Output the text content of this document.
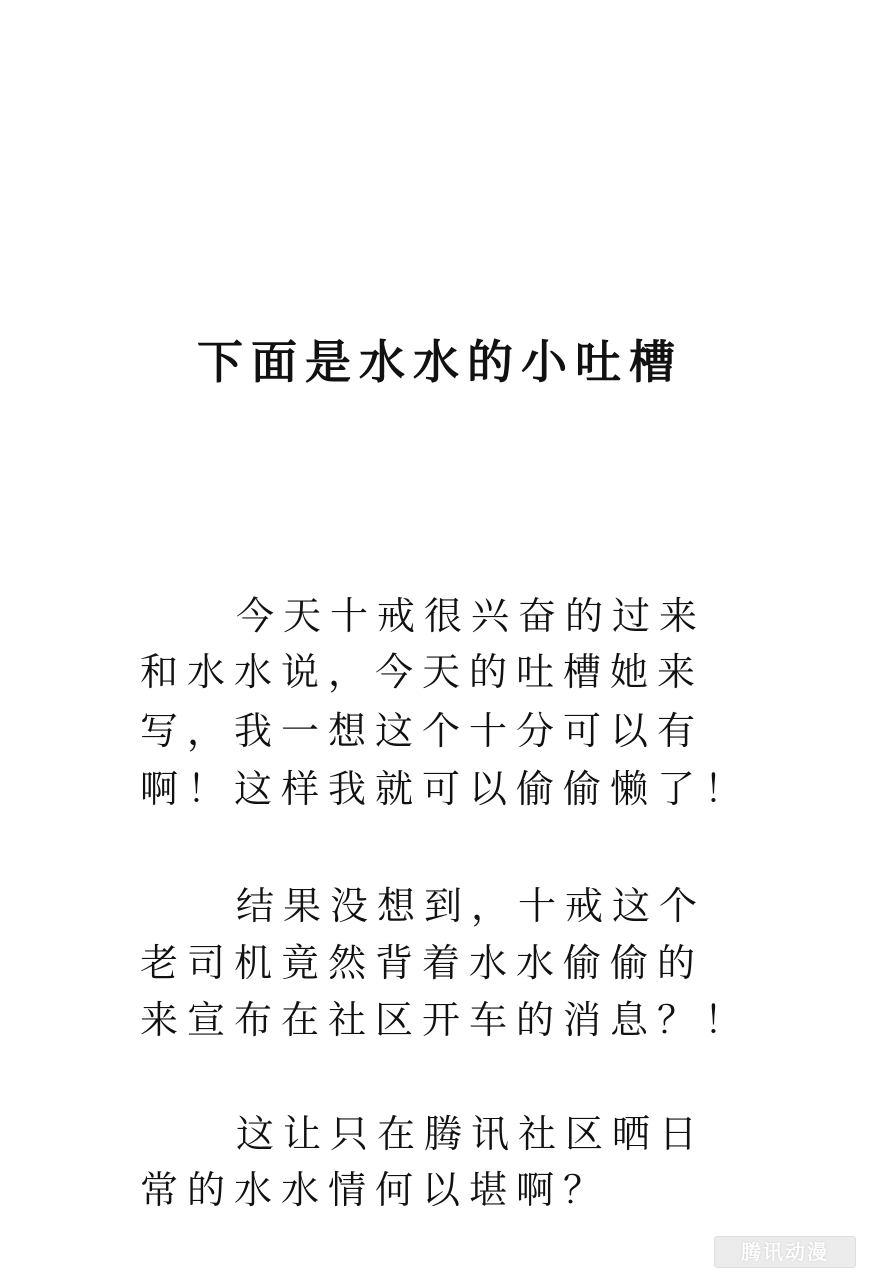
下面是水水的小吐槽
今天十戒很兴奋的过来
和水水说，今天的吐槽她来
写，我一想这个十分可以有
啊！这样我就可以偷偷懒了！
结果没想到，十戒这个
老司机竟然背着水水偷偷的
来宣布在社区开车的消息？！
这让只在腾讯社区晒日
常的水水情何以堪啊？
腾讯动漫
